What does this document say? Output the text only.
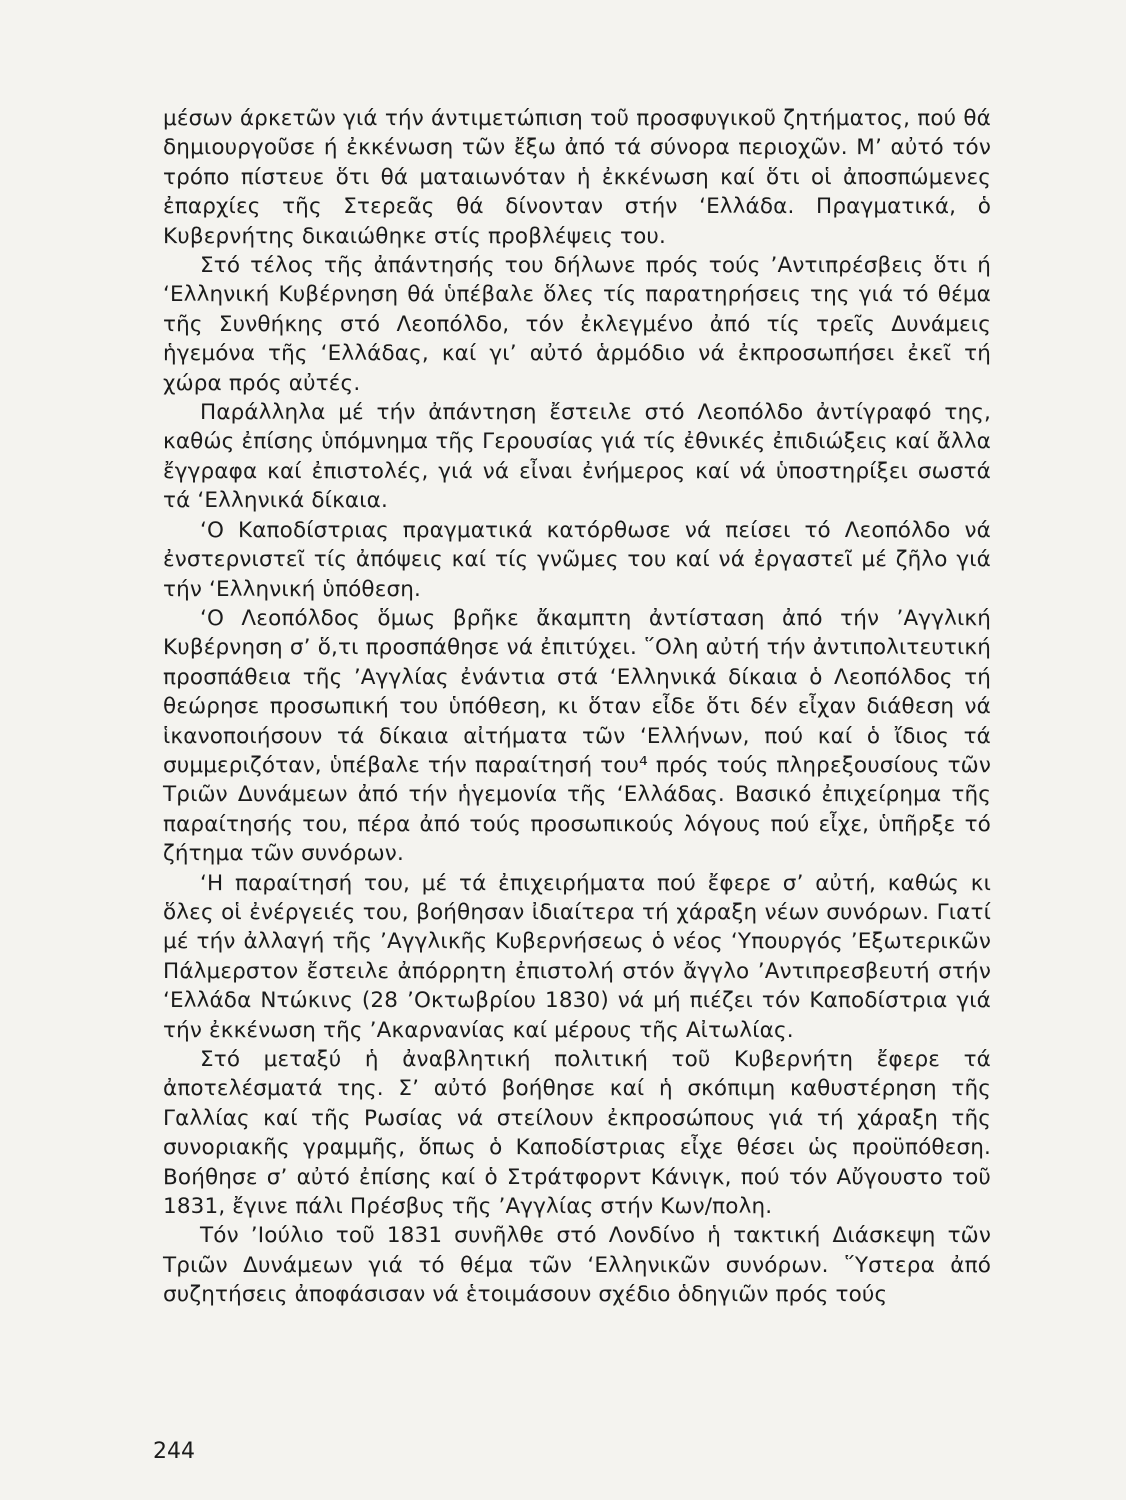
μέσων άρκετῶν γιά τήν άντιμετώπιση τοῦ προσφυγικοῦ ζητήματος, πού θά δημιουργοῦσε ή ἐκκένωση τῶν ἔξω ἀπό τά σύνορα περιοχῶν. Μ’ αὐτό τόν τρόπο πίστευε ὅτι θά ματαιωνόταν ἡ ἐκκένωση καί ὅτι οἱ ἀποσπώμενες ἐπαρχίες τῆς Στερεᾶς θά δίνονταν στήν ‘Ελλάδα. Πραγματικά, ὁ Κυβερνήτης δικαιώθηκε στίς προβλέψεις του.

Στό τέλος τῆς ἀπάντησής του δήλωνε πρός τούς ’Αντιπρέσβεις ὅτι ή ‘Ελληνική Κυβέρνηση θά ὑπέβαλε ὅλες τίς παρατηρήσεις της γιά τό θέμα τῆς Συνθήκης στό Λεοπόλδο, τόν ἐκλεγμένο ἀπό τίς τρεῖς Δυνάμεις ἡγεμόνα τῆς ‘Ελλάδας, καί γι’ αὐτό ἁρμόδιο νά ἐκπροσωπήσει ἐκεῖ τή χώρα πρός αὐτές.

Παράλληλα μέ τήν ἀπάντηση ἔστειλε στό Λεοπόλδο ἀντίγραφό της, καθώς ἐπίσης ὑπόμνημα τῆς Γερουσίας γιά τίς ἐθνικές ἐπιδιώξεις καί ἄλλα ἔγγραφα καί ἐπιστολές, γιά νά εἶναι ἐνήμερος καί νά ὑποστηρίξει σωστά τά ‘Ελληνικά δίκαια.

‘Ο Καποδίστριας πραγματικά κατόρθωσε νά πείσει τό Λεοπόλδο νά ἐνστερνιστεῖ τίς ἀπόψεις καί τίς γνῶμες του καί νά ἐργαστεῖ μέ ζῆλο γιά τήν ‘Ελληνική ὑπόθεση.

‘Ο Λεοπόλδος ὅμως βρῆκε ἄκαμπτη ἀντίσταση ἀπό τήν ’Αγγλική Κυβέρνηση σ’ ὅ,τι προσπάθησε νά ἐπιτύχει. ῞Ολη αὐτή τήν ἀντιπολιτευτική προσπάθεια τῆς ’Αγγλίας ἐνάντια στά ‘Ελληνικά δίκαια ὁ Λεοπόλδος τή θεώρησε προσωπική του ὑπόθεση, κι ὅταν εἶδε ὅτι δέν εἶχαν διάθεση νά ἱκανοποιήσουν τά δίκαια αἰτήματα τῶν ‘Ελλήνων, πού καί ὁ ἴδιος τά συμμεριζόταν, ὑπέβαλε τήν παραίτησή του⁴ πρός τούς πληρεξουσίους τῶν Τριῶν Δυνάμεων ἀπό τήν ἡγεμονία τῆς ‘Ελλάδας. Βασικό ἐπιχείρημα τῆς παραίτησής του, πέρα ἀπό τούς προσωπικούς λόγους πού εἶχε, ὑπῆρξε τό ζήτημα τῶν συνόρων.

‘Η παραίτησή του, μέ τά ἐπιχειρήματα πού ἔφερε σ’ αὐτή, καθώς κι ὅλες οἱ ἐνέργειές του, βοήθησαν ἰδιαίτερα τή χάραξη νέων συνόρων. Γιατί μέ τήν ἀλλαγή τῆς ’Αγγλικῆς Κυβερνήσεως ὁ νέος ‘Υπουργός ’Εξωτερικῶν Πάλμερστον ἔστειλε ἀπόρρητη ἐπιστολή στόν ἄγγλο ’Αντιπρεσβευτή στήν ‘Ελλάδα Ντώκινς (28 ’Οκτωβρίου 1830) νά μή πιέζει τόν Καποδίστρια γιά τήν ἐκκένωση τῆς ’Ακαρνανίας καί μέρους τῆς Αἰτωλίας.

Στό μεταξύ ἡ ἀναβλητική πολιτική τοῦ Κυβερνήτη ἔφερε τά ἀποτελέσματά της. Σ’ αὐτό βοήθησε καί ἡ σκόπιμη καθυστέρηση τῆς Γαλλίας καί τῆς Ρωσίας νά στείλουν ἐκπροσώπους γιά τή χάραξη τῆς συνοριακῆς γραμμῆς, ὅπως ὁ Καποδίστριας εἶχε θέσει ὡς προϋπόθεση. Βοήθησε σ’ αὐτό ἐπίσης καί ὁ Στράτφορντ Κάνιγκ, πού τόν Αὔγουστο τοῦ 1831, ἔγινε πάλι Πρέσβυς τῆς ’Αγγλίας στήν Κων/πολη.

Τόν ’Ιούλιο τοῦ 1831 συνῆλθε στό Λονδίνο ἡ τακτική Διάσκεψη τῶν Τριῶν Δυνάμεων γιά τό θέμα τῶν ‘Ελληνικῶν συνόρων. ῞Υστερα ἀπό συζητήσεις ἀποφάσισαν νά ἑτοιμάσουν σχέδιο ὁδηγιῶν πρός τούς

244
